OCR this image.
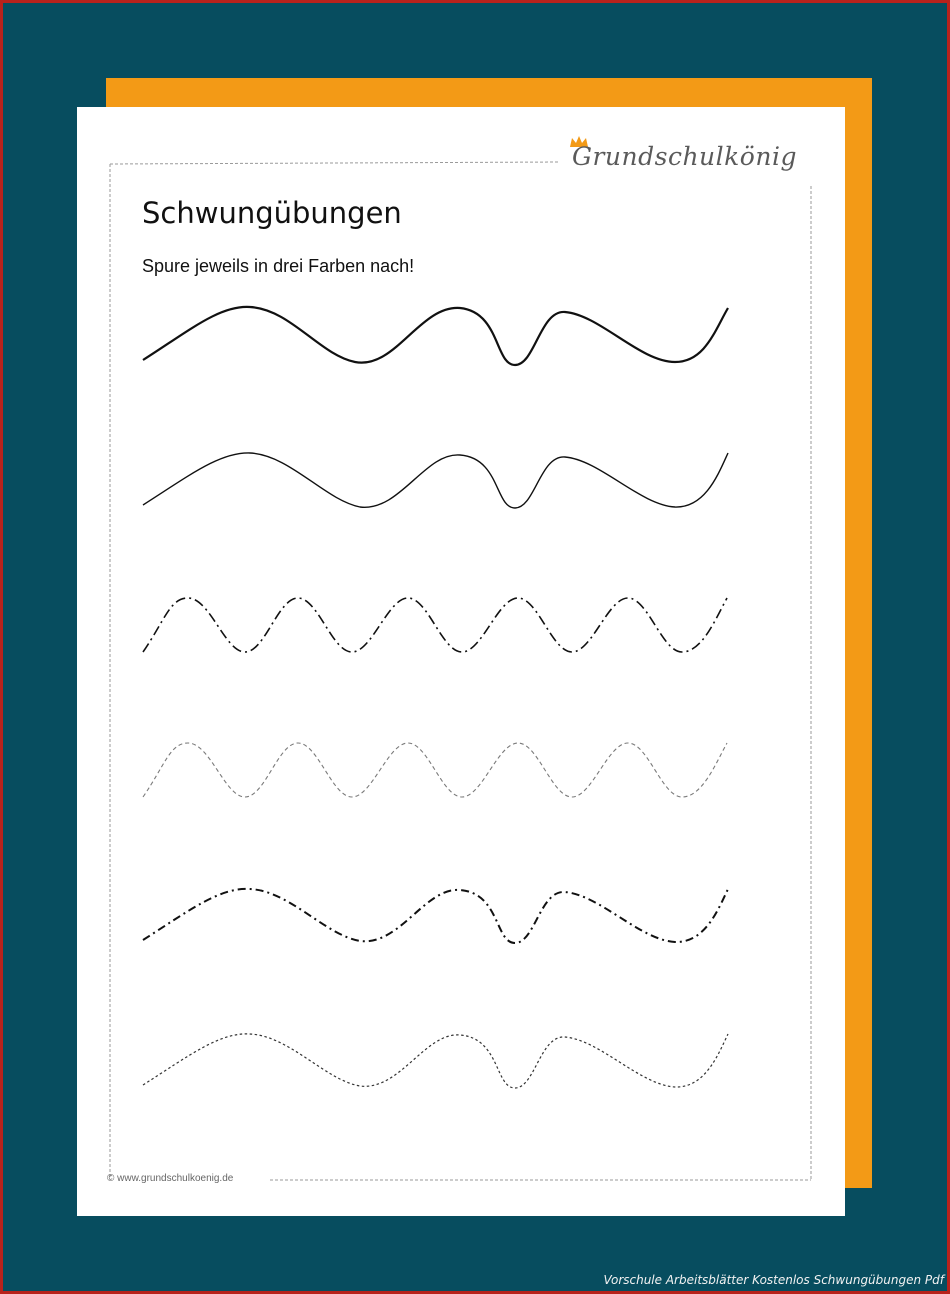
Grundschulkönig

Schwungübungen

Spure jeweils in drei Farben nach!

© www.grundschulkoenig.de

Vorschule Arbeitsblätter Kostenlos Schwungübungen Pdf
